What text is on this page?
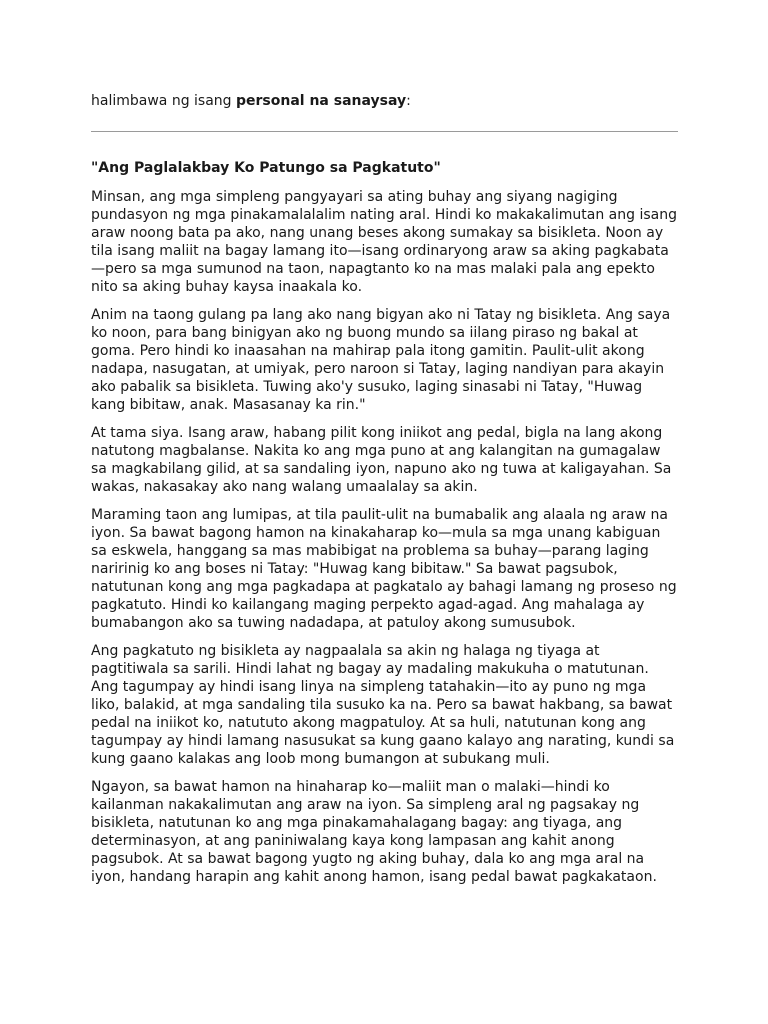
halimbawa ng isang personal na sanaysay:

"Ang Paglalakbay Ko Patungo sa Pagkatuto"

Minsan, ang mga simpleng pangyayari sa ating buhay ang siyang nagiging pundasyon ng mga pinakamalalalim nating aral. Hindi ko makakalimutan ang isang araw noong bata pa ako, nang unang beses akong sumakay sa bisikleta. Noon ay tila isang maliit na bagay lamang ito—isang ordinaryong araw sa aking pagkabata—pero sa mga sumunod na taon, napagtanto ko na mas malaki pala ang epekto nito sa aking buhay kaysa inaakala ko.

Anim na taong gulang pa lang ako nang bigyan ako ni Tatay ng bisikleta. Ang saya ko noon, para bang binigyan ako ng buong mundo sa iilang piraso ng bakal at goma. Pero hindi ko inaasahan na mahirap pala itong gamitin. Paulit-ulit akong nadapa, nasugatan, at umiyak, pero naroon si Tatay, laging nandiyan para akayin ako pabalik sa bisikleta. Tuwing ako'y susuko, laging sinasabi ni Tatay, "Huwag kang bibitaw, anak. Masasanay ka rin."

At tama siya. Isang araw, habang pilit kong iniikot ang pedal, bigla na lang akong natutong magbalanse. Nakita ko ang mga puno at ang kalangitan na gumagalaw sa magkabilang gilid, at sa sandaling iyon, napuno ako ng tuwa at kaligayahan. Sa wakas, nakasakay ako nang walang umaalalay sa akin.

Maraming taon ang lumipas, at tila paulit-ulit na bumabalik ang alaala ng araw na iyon. Sa bawat bagong hamon na kinakaharap ko—mula sa mga unang kabiguan sa eskwela, hanggang sa mas mabibigat na problema sa buhay—parang laging naririnig ko ang boses ni Tatay: "Huwag kang bibitaw." Sa bawat pagsubok, natutunan kong ang mga pagkadapa at pagkatalo ay bahagi lamang ng proseso ng pagkatuto. Hindi ko kailangang maging perpekto agad-agad. Ang mahalaga ay bumabangon ako sa tuwing nadadapa, at patuloy akong sumusubok.

Ang pagkatuto ng bisikleta ay nagpaalala sa akin ng halaga ng tiyaga at pagtitiwala sa sarili. Hindi lahat ng bagay ay madaling makukuha o matutunan. Ang tagumpay ay hindi isang linya na simpleng tatahakin—ito ay puno ng mga liko, balakid, at mga sandaling tila susuko ka na. Pero sa bawat hakbang, sa bawat pedal na iniikot ko, natututo akong magpatuloy. At sa huli, natutunan kong ang tagumpay ay hindi lamang nasusukat sa kung gaano kalayo ang narating, kundi sa kung gaano kalakas ang loob mong bumangon at subukang muli.

Ngayon, sa bawat hamon na hinaharap ko—maliit man o malaki—hindi ko kailanman nakakalimutan ang araw na iyon. Sa simpleng aral ng pagsakay ng bisikleta, natutunan ko ang mga pinakamahalagang bagay: ang tiyaga, ang determinasyon, at ang paniniwalang kaya kong lampasan ang kahit anong pagsubok. At sa bawat bagong yugto ng aking buhay, dala ko ang mga aral na iyon, handang harapin ang kahit anong hamon, isang pedal bawat pagkakataon.
